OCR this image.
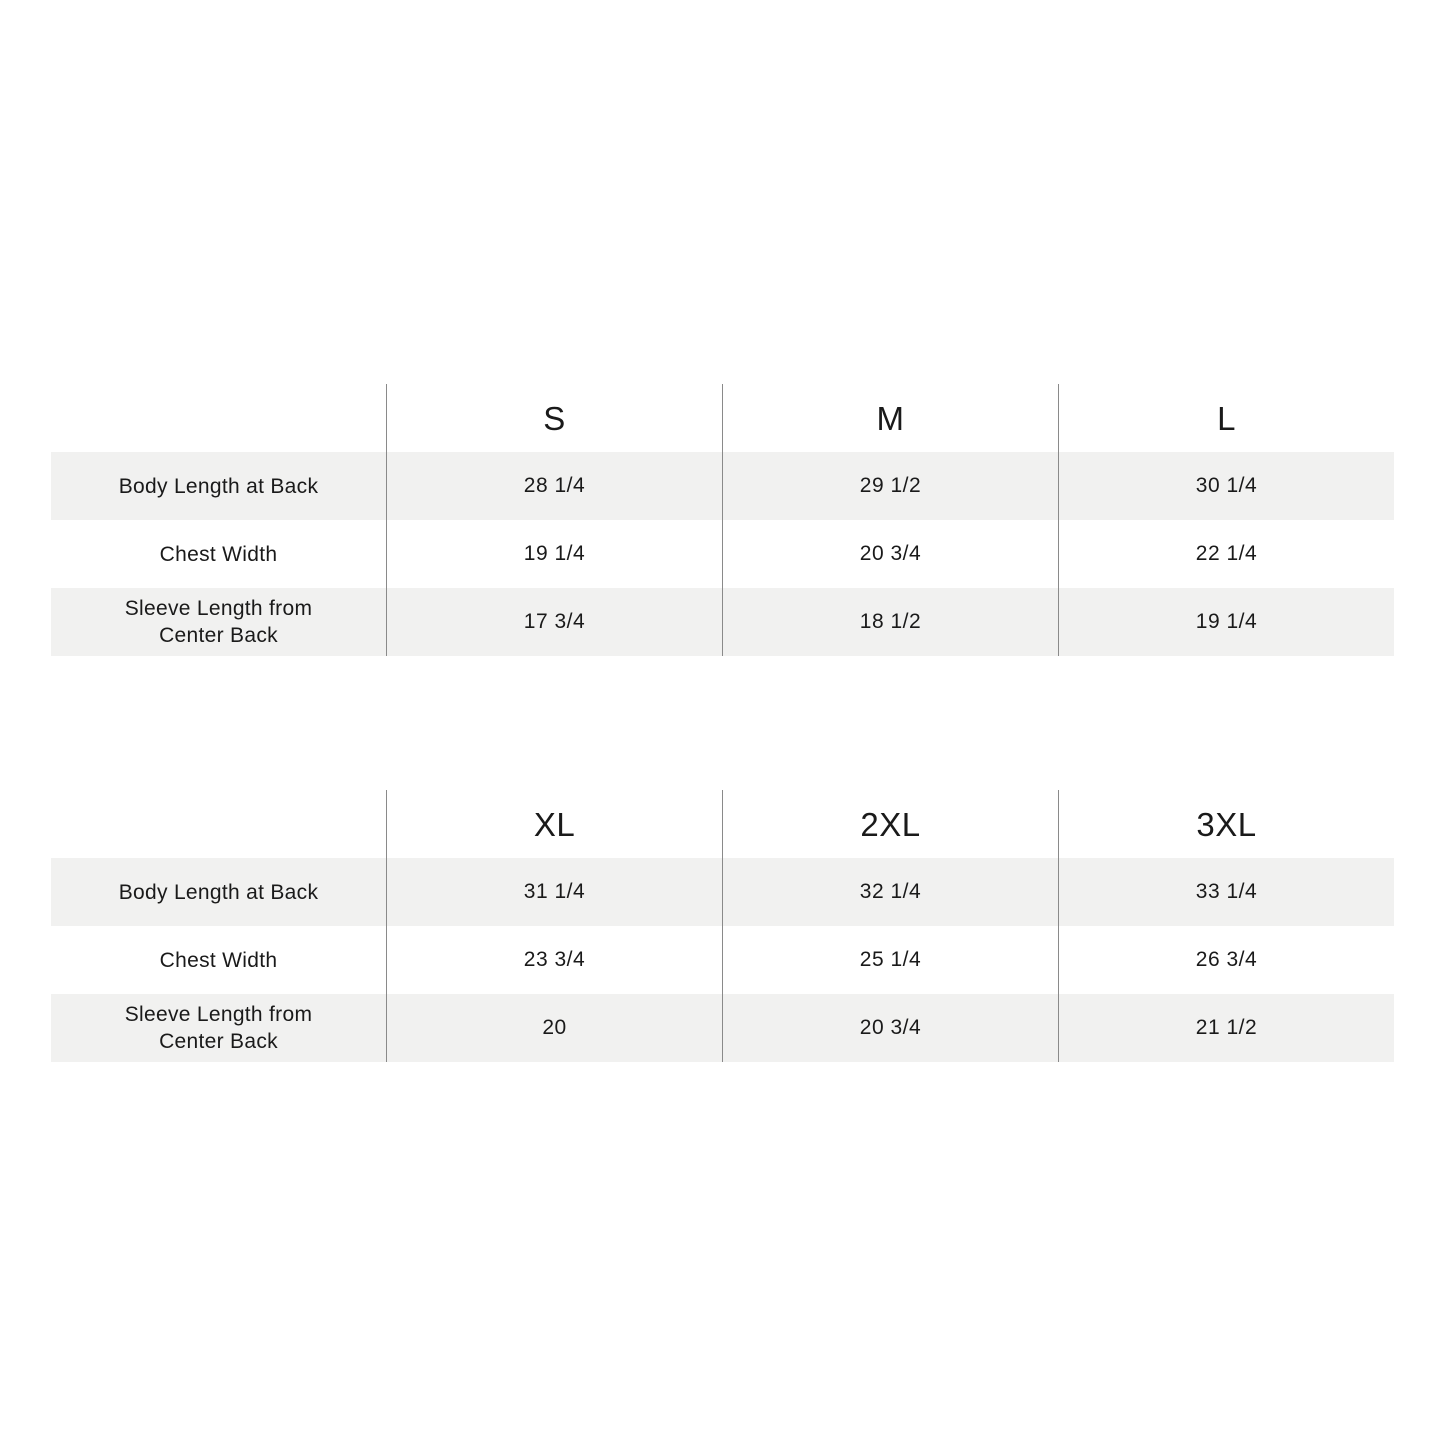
S	M	L
Body Length at Back	28 1/4	29 1/2	30 1/4
Chest Width	19 1/4	20 3/4	22 1/4
Sleeve Length from
Center Back
17 3/4	18 1/2	19 1/4
XL	2XL	3XL
Body Length at Back	31 1/4	32 1/4	33 1/4
Chest Width	23 3/4	25 1/4	26 3/4
Sleeve Length from
Center Back
20	20 3/4	21 1/2
